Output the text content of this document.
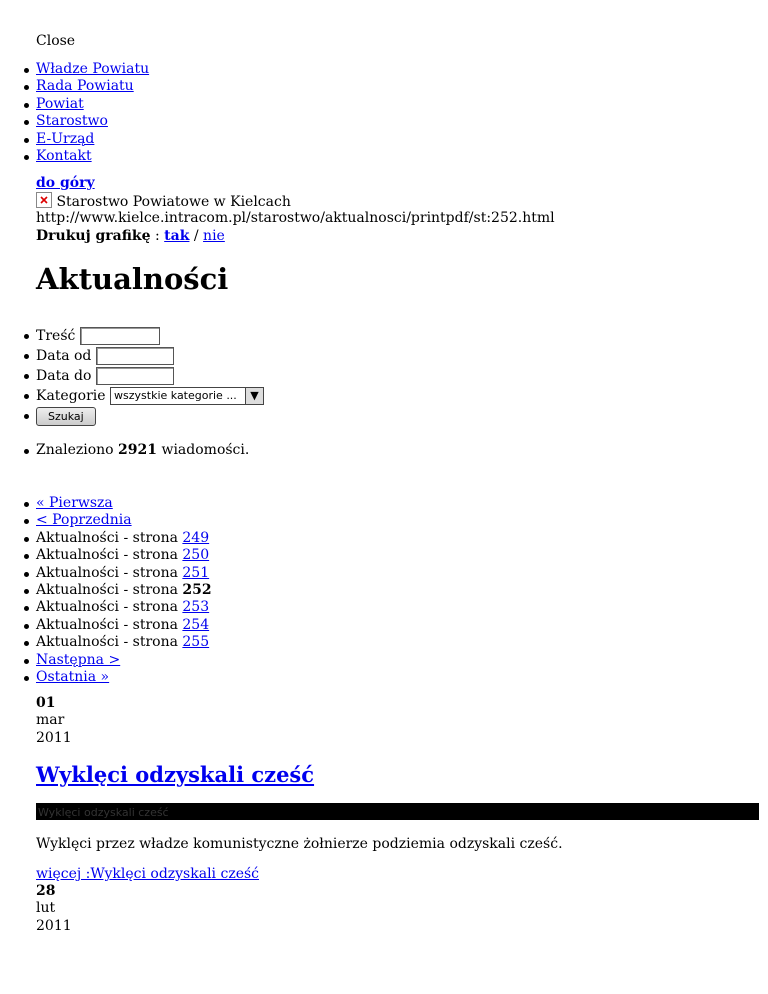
Close
Władze Powiatu
Rada Powiatu
Powiat
Starostwo
E-Urząd
Kontakt
do góry
Starostwo Powiatowe w Kielcach
http://www.kielce.intracom.pl/starostwo/aktualnosci/printpdf/st:252.html
Drukuj grafikę : tak / nie
Aktualności
Treść
Data od
Data do
Kategorie wszystkie kategorie ...	▼
Szukaj
Znaleziono 2921 wiadomości.
« Pierwsza
< Poprzednia
Aktualności - strona 249
Aktualności - strona 250
Aktualności - strona 251
Aktualności - strona 252
Aktualności - strona 253
Aktualności - strona 254
Aktualności - strona 255
Następna >
Ostatnia »
01
mar
2011
Wyklęci odzyskali cześć
Wyklęci odzyskali cześć
Wyklęci przez władze komunistyczne żołnierze podziemia odzyskali cześć.
więcej :Wyklęci odzyskali cześć
28
lut
2011
